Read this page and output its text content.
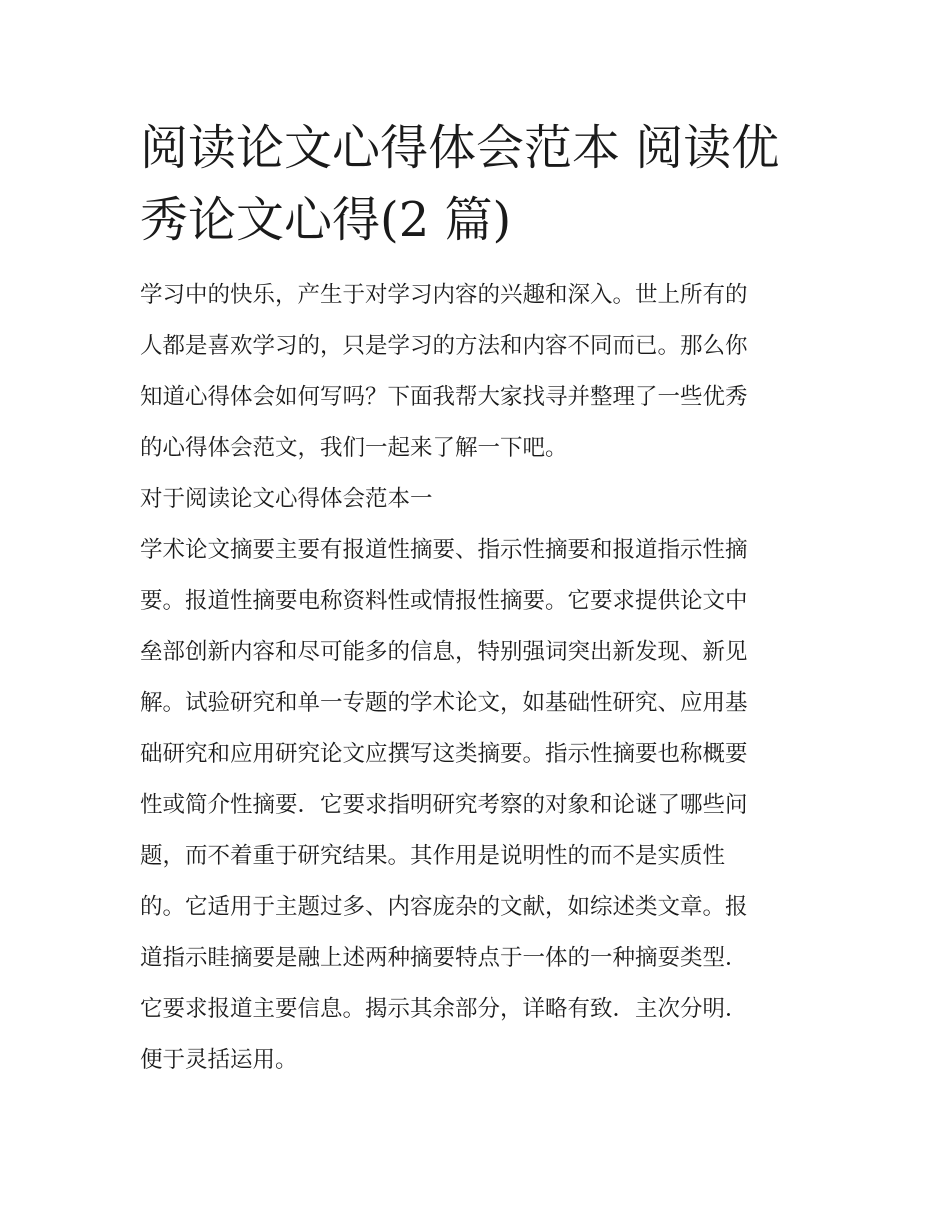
阅读论文心得体会范本 阅读优
秀论文心得(2 篇)

学习中的快乐，产生于对学习内容的兴趣和深入。世上所有的
人都是喜欢学习的，只是学习的方法和内容不同而已。那么你
知道心得体会如何写吗？下面我帮大家找寻并整理了一些优秀
的心得体会范文，我们一起来了解一下吧。

对于阅读论文心得体会范本一

学术论文摘要主要有报道性摘要、指示性摘要和报道指示性摘
要。报道性摘要电称资料性或情报性摘要。它要求提供论文中
垒部创新内容和尽可能多的信息，特别强词突出新发现、新见
解。试验研究和单一专题的学术论文，如基础性研究、应用基
础研究和应用研究论文应撰写这类摘要。指示性摘要也称概要
性或简介性摘要．它要求指明研究考察的对象和论谜了哪些问
题，而不着重于研究结果。其作用是说明性的而不是实质性
的。它适用于主题过多、内容庞杂的文献，如综述类文章。报
道指示眭摘要是融上述两种摘要特点于一体的一种摘耍类型．
它要求报道主要信息。揭示其余部分，详略有致．主次分明．
便于灵括运用。
